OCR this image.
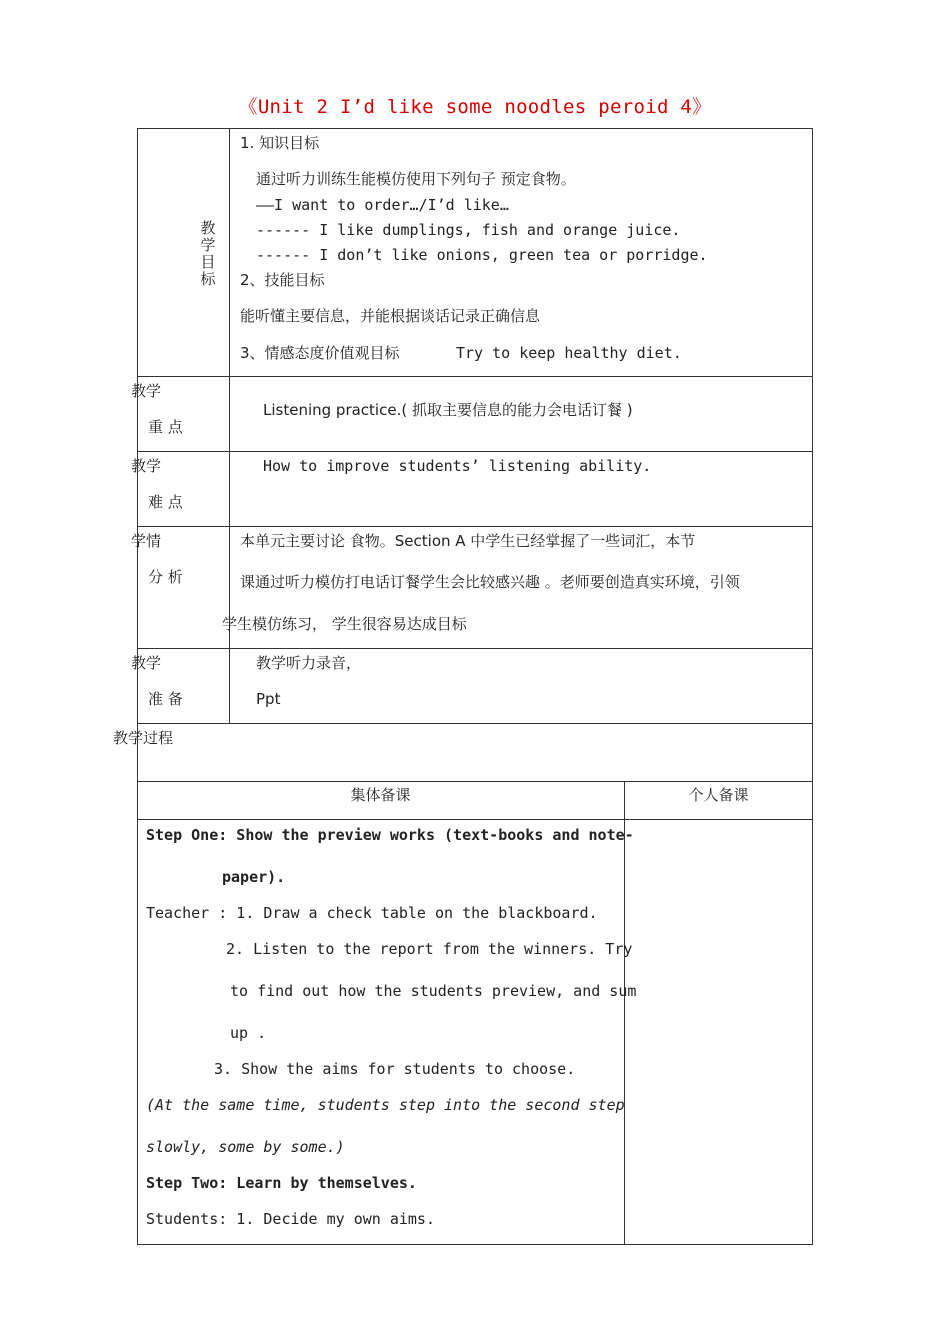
《Unit 2 I’d like some noodles peroid 4》
教学目标
1. 知识目标
通过听力训练生能模仿使用下列句子 预定食物。
——I want to order…/I’d like…
------ I like dumplings, fish and orange juice.
------ I don’t like onions, green tea or porridge.
2、技能目标
能听懂主要信息，并能根据谈话记录正确信息
3、情感态度价值观目标	Try to keep healthy diet.
教学
重 点
Listening practice.( 抓取主要信息的能力会电话订餐 )
教学
难 点
How to improve students’ listening ability.
学情
分 析
本单元主要讨论 食物。Section A 中学生已经掌握了一些词汇，本节
课通过听力模仿打电话订餐学生会比较感兴趣 。老师要创造真实环境，引领
学生模仿练习， 学生很容易达成目标
教学
准 备
教学听力录音，
Ppt
教学过程
集体备课	个人备课
Step One: Show the preview works (text-books and note-
paper).
Teacher : 1. Draw a check table on the blackboard.
2. Listen to the report from the winners. Try
to find out how the students preview, and sum
up .
3. Show the aims for students to choose.
(At the same time, students step into the second step
slowly, some by some.)
Step Two: Learn by themselves.
Students: 1. Decide my own aims.
